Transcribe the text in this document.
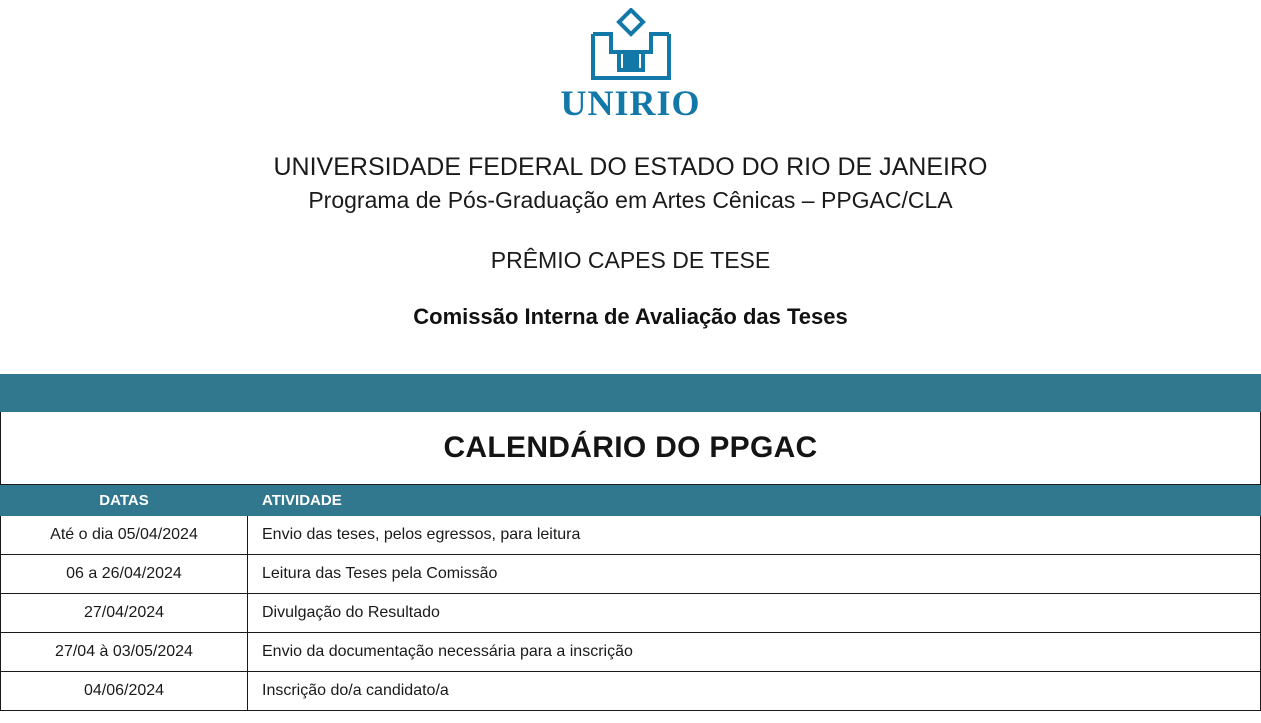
UNIRIO
UNIVERSIDADE FEDERAL DO ESTADO DO RIO DE JANEIRO
Programa de Pós-Graduação em Artes Cênicas – PPGAC/CLA
PRÊMIO CAPES DE TESE
Comissão Interna de Avaliação das Teses

CALENDÁRIO DO PPGAC	
DATAS	ATIVIDADE
Até o dia 05/04/2024	Envio das teses, pelos egressos, para leitura
06 a 26/04/2024	Leitura das Teses pela Comissão
27/04/2024	Divulgação do Resultado
27/04 à 03/05/2024	Envio da documentação necessária para a inscrição
04/06/2024	Inscrição do/a candidato/a
